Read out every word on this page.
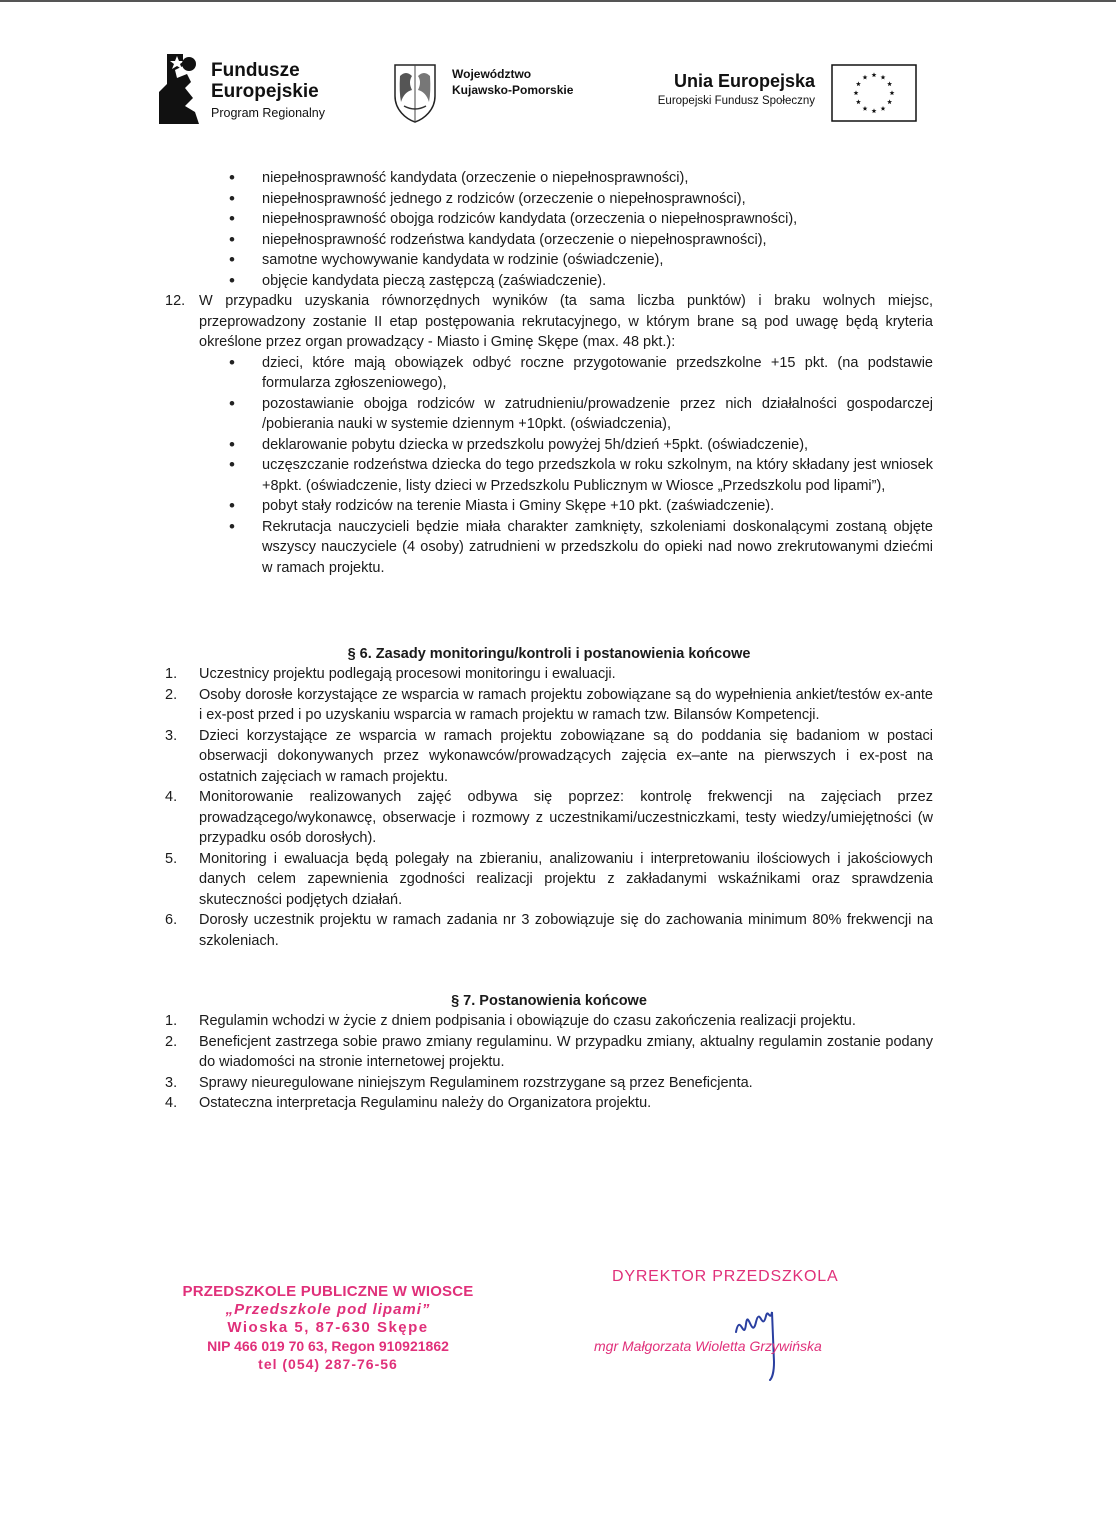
Fundusze
Europejskie
Program Regionalny
Województwo
Kujawsko-Pomorskie	Unia Europejska
Europejski Fundusz Społeczny
• niepełnosprawność kandydata (orzeczenie o niepełnosprawności),
• niepełnosprawność jednego z rodziców (orzeczenie o niepełnosprawności),
• niepełnosprawność obojga rodziców kandydata (orzeczenia o niepełnosprawności),
• niepełnosprawność rodzeństwa kandydata (orzeczenie o niepełnosprawności),
• samotne wychowywanie kandydata w rodzinie (oświadczenie),
• objęcie kandydata pieczą zastępczą (zaświadczenie).
12. W przypadku uzyskania równorzędnych wyników (ta sama liczba punktów) i braku wolnych miejsc, przeprowadzony zostanie II etap postępowania rekrutacyjnego, w którym brane są pod uwagę będą kryteria określone przez organ prowadzący - Miasto i Gminę Skępe (max. 48 pkt.):

• dzieci, które mają obowiązek odbyć roczne przygotowanie przedszkolne +15 pkt. (na podstawie formularza zgłoszeniowego),
• pozostawianie obojga rodziców w zatrudnieniu/prowadzenie przez nich działalności gospodarczej /pobierania nauki w systemie dziennym +10pkt. (oświadczenia),
• deklarowanie pobytu dziecka w przedszkolu powyżej 5h/dzień +5pkt. (oświadczenie),
• uczęszczanie rodzeństwa dziecka do tego przedszkola w roku szkolnym, na który składany jest wniosek +8pkt. (oświadczenie, listy dzieci w Przedszkolu Publicznym w Wiosce „Przedszkolu pod lipami”),
• pobyt stały rodziców na terenie Miasta i Gminy Skępe +10 pkt. (zaświadczenie).
• Rekrutacja nauczycieli będzie miała charakter zamknięty, szkoleniami doskonalącymi zostaną objęte wszyscy nauczyciele (4 osoby) zatrudnieni w przedszkolu do opieki nad nowo zrekrutowanymi dziećmi w ramach projektu.
§ 6. Zasady monitoringu/kontroli i postanowienia końcowe
1. Uczestnicy projektu podlegają procesowi monitoringu i ewaluacji.

2. Osoby dorosłe korzystające ze wsparcia w ramach projektu zobowiązane są do wypełnienia ankiet/testów ex-ante i ex-post przed i po uzyskaniu wsparcia w ramach projektu w ramach tzw. Bilansów Kompetencji.

3. Dzieci korzystające ze wsparcia w ramach projektu zobowiązane są do poddania się badaniom w postaci obserwacji dokonywanych przez wykonawców/prowadzących zajęcia ex–ante na pierwszych i ex-post na ostatnich zajęciach w ramach projektu.

4. Monitorowanie realizowanych zajęć odbywa się poprzez: kontrolę frekwencji na zajęciach przez prowadzącego/wykonawcę, obserwacje i rozmowy z uczestnikami/uczestniczkami, testy wiedzy/umiejętności (w przypadku osób dorosłych).

5. Monitoring i ewaluacja będą polegały na zbieraniu, analizowaniu i interpretowaniu ilościowych i jakościowych danych celem zapewnienia zgodności realizacji projektu z zakładanymi wskaźnikami oraz sprawdzenia skuteczności podjętych działań.

6. Dorosły uczestnik projektu w ramach zadania nr 3 zobowiązuje się do zachowania minimum 80% frekwencji na szkoleniach.

§ 7. Postanowienia końcowe
1. Regulamin wchodzi w życie z dniem podpisania i obowiązuje do czasu zakończenia realizacji projektu.

2. Beneficjent zastrzega sobie prawo zmiany regulaminu. W przypadku zmiany, aktualny regulamin zostanie podany do wiadomości na stronie internetowej projektu.

3. Sprawy nieuregulowane niniejszym Regulaminem rozstrzygane są przez Beneficjenta.

4. Ostateczna interpretacja Regulaminu należy do Organizatora projektu.

PRZEDSZKOLE PUBLICZNE W WIOSCE
„Przedszkole pod lipami”
Wioska 5, 87-630 Skępe
NIP 466 019 70 63, Regon 910921862
tel (054) 287-76-56
DYREKTOR PRZEDSZKOLA
mgr Małgorzata Wioletta Grzywińska
